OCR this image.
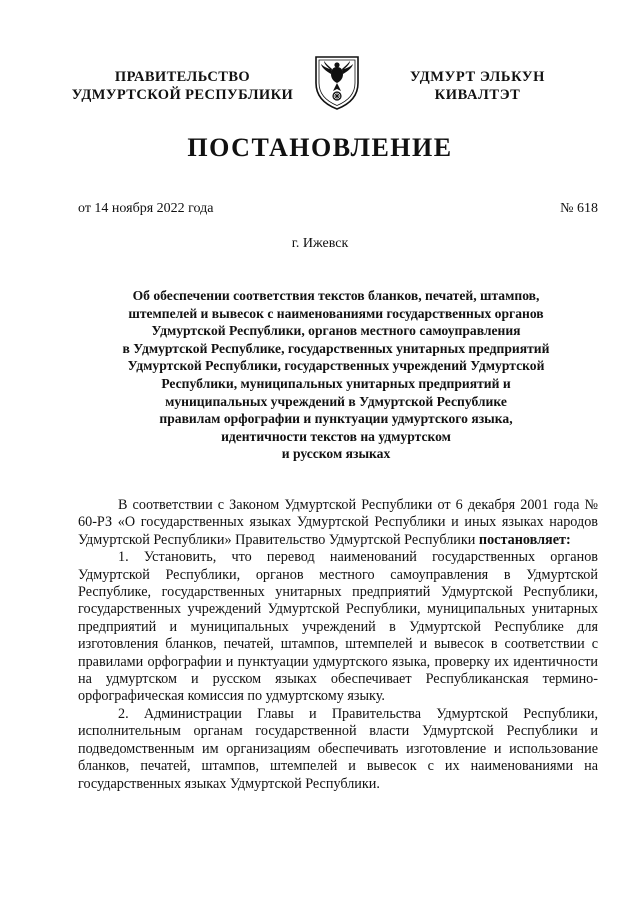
ПРАВИТЕЛЬСТВО
УДМУРТСКОЙ РЕСПУБЛИКИ
УДМУРТ ЭЛЬКУН
КИВАЛТЭТ
ПОСТАНОВЛЕНИЕ
от 14 ноября 2022 года	№ 618
г. Ижевск
Об обеспечении соответствия текстов бланков, печатей, штампов,
штемпелей и вывесок с наименованиями государственных органов
Удмуртской Республики, органов местного самоуправления
в Удмуртской Республике, государственных унитарных предприятий
Удмуртской Республики, государственных учреждений Удмуртской
Республики, муниципальных унитарных предприятий и
муниципальных учреждений в Удмуртской Республике
правилам орфографии и пунктуации удмуртского языка,
идентичности текстов на удмуртском
и русском языках

В соответствии с Законом Удмуртской Республики от 6 декабря 2001 года № 60-РЗ «О государственных языках Удмуртской Республики и иных языках народов Удмуртской Республики» Правительство Удмуртской Республики постановляет:

1. Установить, что перевод наименований государственных органов Удмуртской Республики, органов местного самоуправления в Удмуртской Республике, государственных унитарных предприятий Удмуртской Республики, государственных учреждений Удмуртской Республики, муниципальных унитарных предприятий и муниципальных учреждений в Удмуртской Республике для изготовления бланков, печатей, штампов, штемпелей и вывесок в соответствии с правилами орфографии и пунктуации удмуртского языка, проверку их идентичности на удмуртском и русском языках обеспечивает Республиканская термино-орфографическая комиссия по удмуртскому языку.

2. Администрации Главы и Правительства Удмуртской Республики, исполнительным органам государственной власти Удмуртской Республики и подведомственным им организациям обеспечивать изготовление и использование бланков, печатей, штампов, штемпелей и вывесок с их наименованиями на государственных языках Удмуртской Республики.
